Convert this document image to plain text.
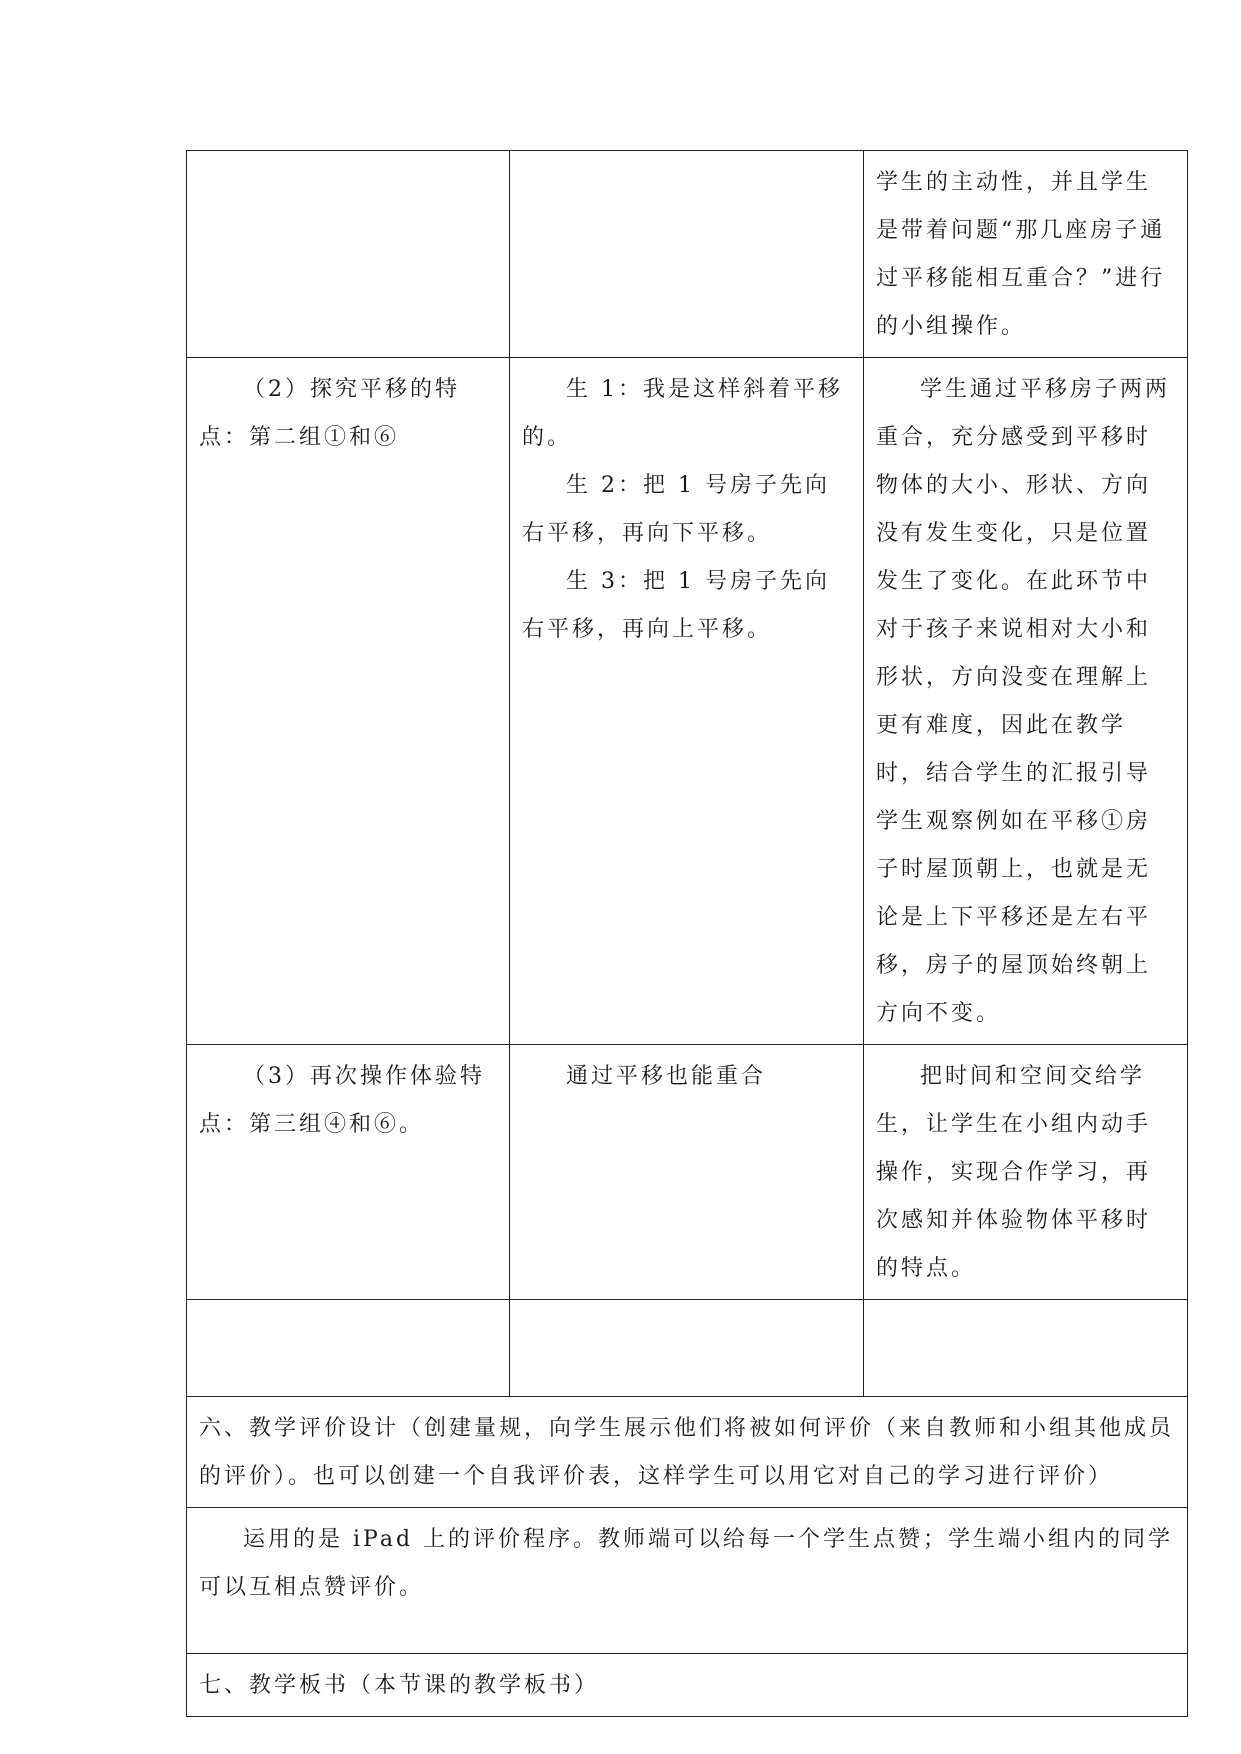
		学生的主动性，并且学生是带着问题“那几座房子通过平移能相互重合？”进行的小组操作。

（2）探究平移的特点：第二组①和⑥	生 1：我是这样斜着平移的。

生 2：把 1 号房子先向右平移，再向下平移。

生 3：把 1 号房子先向右平移，再向上平移。	学生通过平移房子两两重合，充分感受到平移时物体的大小、形状、方向没有发生变化，只是位置发生了变化。在此环节中对于孩子来说相对大小和形状，方向没变在理解上更有难度，因此在教学时，结合学生的汇报引导学生观察例如在平移①房子时屋顶朝上，也就是无论是上下平移还是左右平移，房子的屋顶始终朝上方向不变。

（3）再次操作体验特点：第三组④和⑥。	通过平移也能重合	把时间和空间交给学生，让学生在小组内动手操作，实现合作学习，再次感知并体验物体平移时的特点。

六、教学评价设计（创建量规，向学生展示他们将被如何评价（来自教师和小组其他成员的评价）。也可以创建一个自我评价表，这样学生可以用它对自己的学习进行评价）		

运用的是 iPad 上的评价程序。教师端可以给每一个学生点赞；学生端小组内的同学可以互相点赞评价。		

七、教学板书（本节课的教学板书）		
